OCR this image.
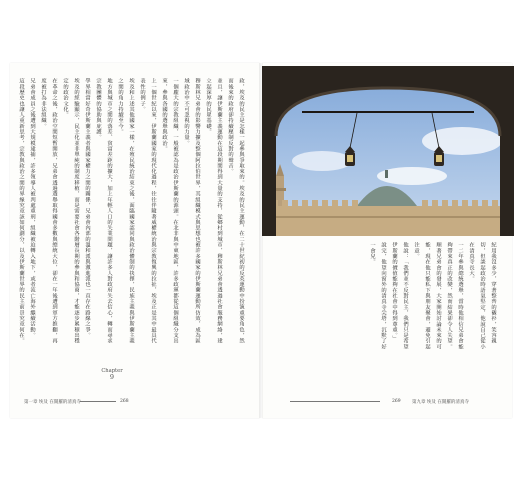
政，埃及的民主是怎樣一起參與爭取來的。埃及的民主運動，在二十世紀初的反英運動中扮演重要角色，然而後來的政府卻持續壓制反對的聲音。

並且，讓伊斯蘭主義運動在這段期間得到大量的支持，從鄉村到城市，穆斯林兄弟會透過社會服務網絡，建立起深厚的民眾基礎。

穆斯林兄弟會的影響力擴及整個阿拉伯世界，其組織模式與思想也被許多國家的伊斯蘭運動所仿效，成為區域政治中不可忽視的力量。

一個龐大的宗教組織，一般被認為是政治伊斯蘭的源頭。在北非與中東地區，許多政黨都從這個組織分支出來，參與各國的選舉與政治。

上一個世紀以來，伊斯蘭國家的現代化過程，往往伴隨著威權統治與宗教復興的拉扯，埃及正是其中最具代表性的例子。

埃及和上述其他國家一樣，在殖民統治結束之後，面臨國家認同與政治體制的抉擇，民族主義與伊斯蘭主義之間的角力持續至今。

地方與城市之間的落差、貧富差距的擴大，加上年輕人口的失業問題，讓許多人對政府失去信心，轉而尋求宗教團體的協助與庇護。

學界相當好奇伊斯蘭主義者與國家權力之間的關係，兄弟會內部的溫和派與激進派也一直存在路線之爭。

埃及的經驗顯示，民主化並非單純的制度移植，而是需要社會各階層長期的參與和協商，才能逐步累積出穩定的政治文化。

在革命之後，政治空間短暫開放，兄弟會透過選舉取得國會多數與總統大位，卻在一年後遭到軍方推翻，再度被打為非法組織。

兄弟會成員之後遭到大規模逮捕，許多領導人被判處重刑，組織被迫轉入地下，或者流亡海外繼續活動。

這段歷史也讓人重新思考，宗教與政治之間的界線究竟該如何劃分，以及伊斯蘭世界的民主前景究竟何在。	紀用我沒多少，穿著整齊的襯衫，笑容親切，但談起政治時語氣堅定，他說自己從小在清真寺長大。

一二年參與總統選舉，當時他相信兄弟會能夠帶來真正的改變，然而結果卻令人失望。

順著兄弟會的發展，大家開始討論未來的可能，現在他只能私下與朋友聚會，避免引起注意。

他說：「我們並不反對民主，我們只是希望伊斯蘭的價值能夠在社會中得到尊重。」

說完，他望向窗外的清真寺尖塔，沉默了好一會兒。

Chapter
9
第一章 埃及 在開羅的清真寺	268	269	第九章 埃及 在開羅的清真寺
